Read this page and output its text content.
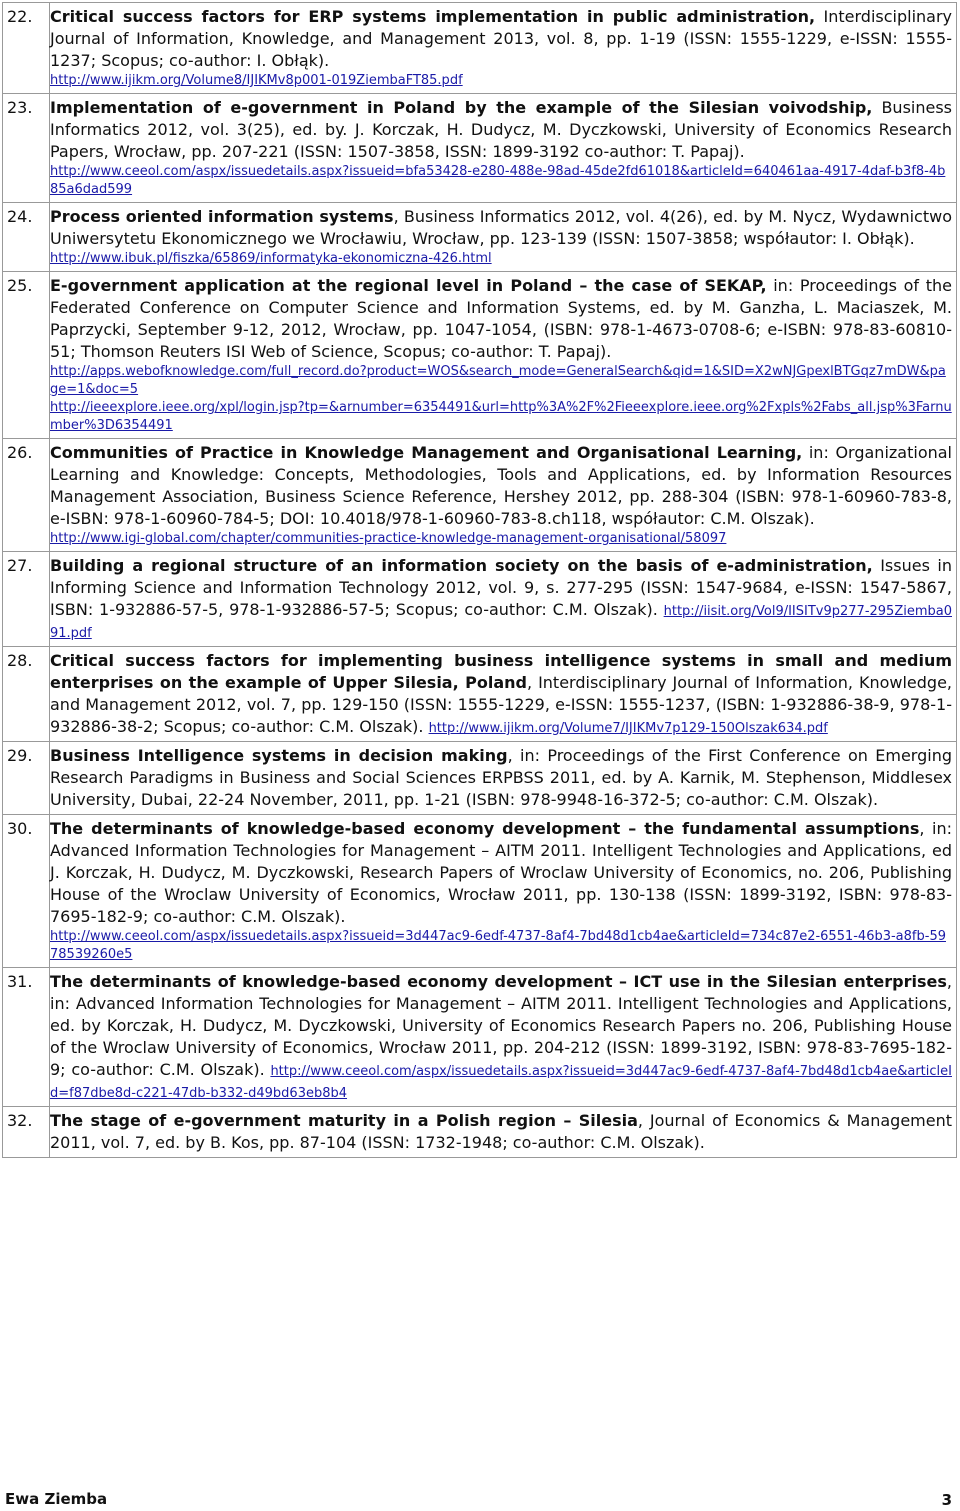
22.	Critical success factors for ERP systems implementation in public administration, Interdisciplinary Journal of Information, Knowledge, and Management 2013, vol. 8, pp. 1-19 (ISSN: 1555-1229, e-ISSN: 1555-1237; Scopus; co-author: I. Obłąk).
http://www.ijikm.org/Volume8/IJIKMv8p001-019ZiembaFT85.pdf

23.	Implementation of e-government in Poland by the example of the Silesian voivodship, Business Informatics 2012, vol. 3(25), ed. by. J. Korczak, H. Dudycz, M. Dyczkowski, University of Economics Research Papers, Wrocław, pp. 207-221 (ISSN: 1507-3858, ISSN: 1899-3192 co-author: T. Papaj).
http://www.ceeol.com/aspx/issuedetails.aspx?issueid=bfa53428-e280-488e-98ad-45de2fd61018&articleId=640461aa-4917-4daf-b3f8-4b85a6dad599

24.	Process oriented information systems, Business Informatics 2012, vol. 4(26), ed. by M. Nycz, Wydawnictwo Uniwersytetu Ekonomicznego we Wrocławiu, Wrocław, pp. 123-139 (ISSN: 1507-3858; współautor: I. Obłąk).
http://www.ibuk.pl/fiszka/65869/informatyka-ekonomiczna-426.html

25.	E-government application at the regional level in Poland – the case of SEKAP, in: Proceedings of the Federated Conference on Computer Science and Information Systems, ed. by M. Ganzha, L. Maciaszek, M. Paprzycki, September 9-12, 2012, Wrocław, pp. 1047-1054, (ISBN: 978-1-4673-0708-6; e-ISBN: 978-83-60810-51; Thomson Reuters ISI Web of Science, Scopus; co-author: T. Papaj).
http://apps.webofknowledge.com/full_record.do?product=WOS&search_mode=GeneralSearch&qid=1&SID=X2wNJGpexlBTGqz7mDW&page=1&doc=5
http://ieeexplore.ieee.org/xpl/login.jsp?tp=&arnumber=6354491&url=http%3A%2F%2Fieeexplore.ieee.org%2Fxpls%2Fabs_all.jsp%3Farnumber%3D6354491

26.	Communities of Practice in Knowledge Management and Organisational Learning, in: Organizational Learning and Knowledge: Concepts, Methodologies, Tools and Applications, ed. by Information Resources Management Association, Business Science Reference, Hershey 2012, pp. 288-304 (ISBN: 978-1-60960-783-8, e-ISBN: 978-1-60960-784-5; DOI: 10.4018/978-1-60960-783-8.ch118, współautor: C.M. Olszak).
http://www.igi-global.com/chapter/communities-practice-knowledge-management-organisational/58097

27.	Building a regional structure of an information society on the basis of e-administration, Issues in Informing Science and Information Technology 2012, vol. 9, s. 277-295 (ISSN: 1547-9684, e-ISSN: 1547-5867, ISBN: 1-932886-57-5, 978-1-932886-57-5; Scopus; co-author: C.M. Olszak). http://iisit.org/Vol9/IISITv9p277-295Ziemba091.pdf
28.	Critical success factors for implementing business intelligence systems in small and medium enterprises on the example of Upper Silesia, Poland, Interdisciplinary Journal of Information, Knowledge, and Management 2012, vol. 7, pp. 129-150 (ISSN: 1555-1229, e-ISSN: 1555-1237, (ISBN: 1-932886-38-9, 978-1-932886-38-2; Scopus; co-author: C.M. Olszak). http://www.ijikm.org/Volume7/IJIKMv7p129-150Olszak634.pdf
29.	Business Intelligence systems in decision making, in: Proceedings of the First Conference on Emerging Research Paradigms in Business and Social Sciences ERPBSS 2011, ed. by A. Karnik, M. Stephenson, Middlesex University, Dubai, 22-24 November, 2011, pp. 1-21 (ISBN: 978-9948-16-372-5; co-author: C.M. Olszak).
30.	The determinants of knowledge-based economy development – the fundamental assumptions, in: Advanced Information Technologies for Management – AITM 2011. Intelligent Technologies and Applications, ed J. Korczak, H. Dudycz, M. Dyczkowski, Research Papers of Wroclaw University of Economics, no. 206, Publishing House of the Wroclaw University of Economics, Wrocław 2011, pp. 130-138 (ISSN: 1899-3192, ISBN: 978-83-7695-182-9; co-author: C.M. Olszak).
http://www.ceeol.com/aspx/issuedetails.aspx?issueid=3d447ac9-6edf-4737-8af4-7bd48d1cb4ae&articleId=734c87e2-6551-46b3-a8fb-5978539260e5

31.	The determinants of knowledge-based economy development – ICT use in the Silesian enterprises, in: Advanced Information Technologies for Management – AITM 2011. Intelligent Technologies and Applications, ed. by Korczak, H. Dudycz, M. Dyczkowski, University of Economics Research Papers no. 206, Publishing House of the Wroclaw University of Economics, Wrocław 2011, pp. 204-212 (ISSN: 1899-3192, ISBN: 978-83-7695-182-9; co-author: C.M. Olszak). http://www.ceeol.com/aspx/issuedetails.aspx?issueid=3d447ac9-6edf-4737-8af4-7bd48d1cb4ae&articleId=f87dbe8d-c221-47db-b332-d49bd63eb8b4
32.	The stage of e-government maturity in a Polish region – Silesia, Journal of Economics & Management 2011, vol. 7, ed. by B. Kos, pp. 87-104 (ISSN: 1732-1948; co-author: C.M. Olszak).
Ewa Ziemba	3
